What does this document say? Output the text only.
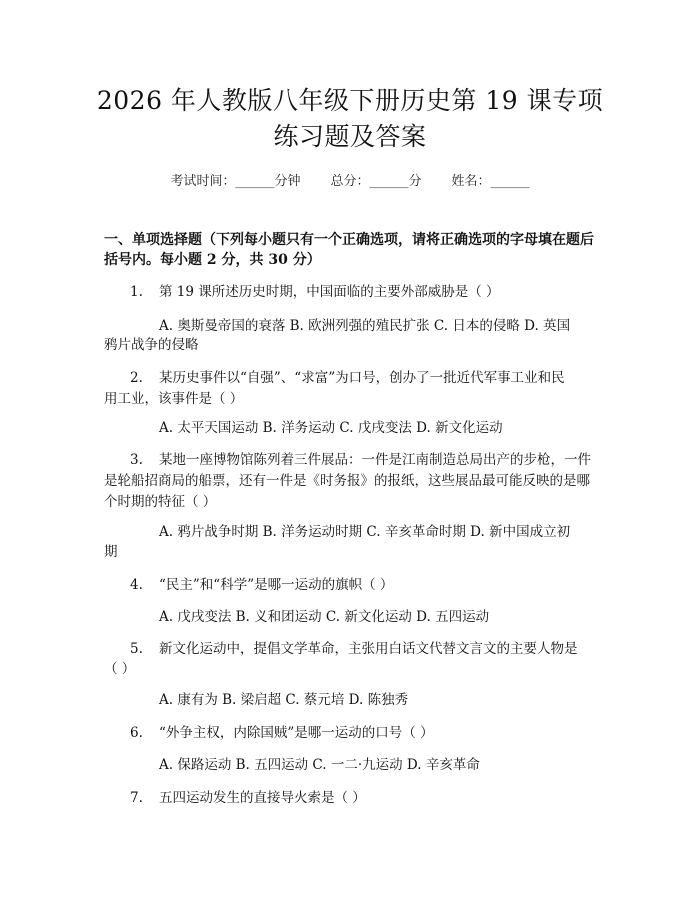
2026 年人教版八年级下册历史第 19 课专项
练习题及答案
考试时间：______分钟 总分：______分 姓名：______
一、单项选择题（下列每小题只有一个正确选项，请将正确选项的字母填在题后
括号内。每小题 2 分，共 30 分）
1. 第 19 课所述历史时期，中国面临的主要外部威胁是（ ）
A. 奥斯曼帝国的衰落 B. 欧洲列强的殖民扩张 C. 日本的侵略 D. 英国
鸦片战争的侵略
2. 某历史事件以“自强”、“求富”为口号，创办了一批近代军事工业和民
用工业，该事件是（ ）
A. 太平天国运动 B. 洋务运动 C. 戊戌变法 D. 新文化运动
3. 某地一座博物馆陈列着三件展品：一件是江南制造总局出产的步枪，一件
是轮船招商局的船票，还有一件是《时务报》的报纸，这些展品最可能反映的是哪
个时期的特征（ ）
A. 鸦片战争时期 B. 洋务运动时期 C. 辛亥革命时期 D. 新中国成立初
期
4. “民主”和“科学”是哪一运动的旗帜（ ）
A. 戊戌变法 B. 义和团运动 C. 新文化运动 D. 五四运动
5. 新文化运动中，提倡文学革命，主张用白话文代替文言文的主要人物是
（ ）
A. 康有为 B. 梁启超 C. 蔡元培 D. 陈独秀
6. “外争主权，内除国贼”是哪一运动的口号（ ）
A. 保路运动 B. 五四运动 C. 一二·九运动 D. 辛亥革命
7. 五四运动发生的直接导火索是（ ）
